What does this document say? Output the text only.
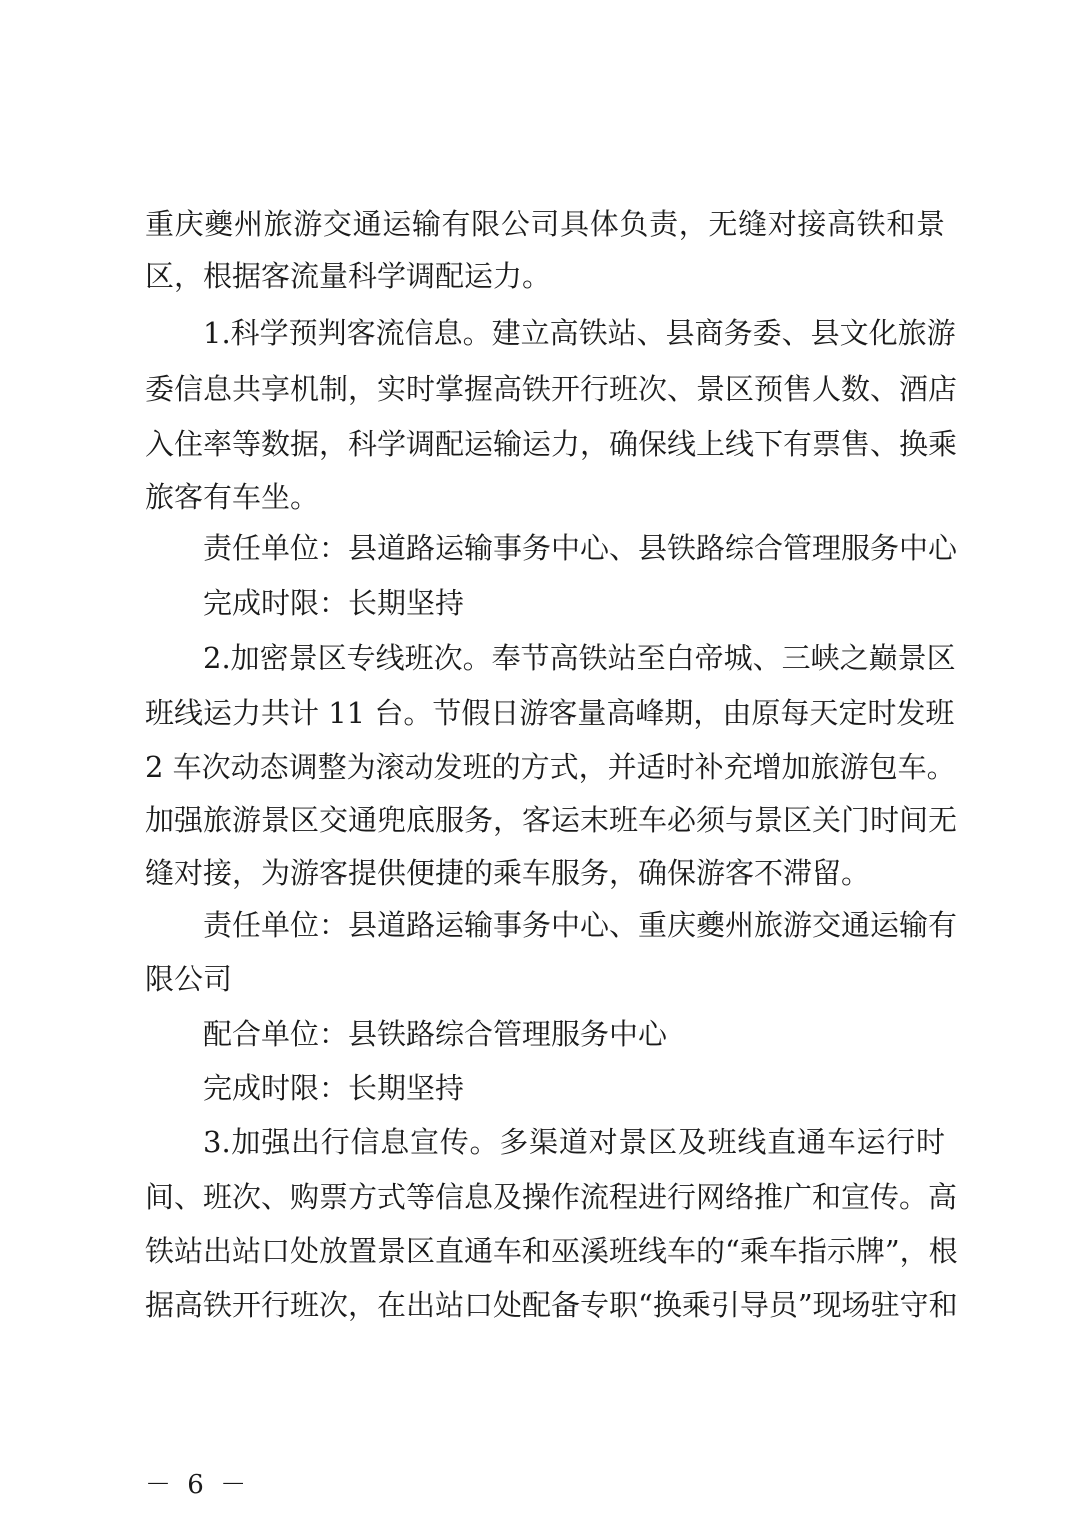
重庆夔州旅游交通运输有限公司具体负责，无缝对接高铁和景
区，根据客流量科学调配运力。
1.科学预判客流信息。建立高铁站、县商务委、县文化旅游
委信息共享机制，实时掌握高铁开行班次、景区预售人数、酒店
入住率等数据，科学调配运输运力，确保线上线下有票售、换乘
旅客有车坐。
责任单位：县道路运输事务中心、县铁路综合管理服务中心
完成时限：长期坚持
2.加密景区专线班次。奉节高铁站至白帝城、三峡之巅景区
班线运力共计 11 台。节假日游客量高峰期，由原每天定时发班
2 车次动态调整为滚动发班的方式，并适时补充增加旅游包车。
加强旅游景区交通兜底服务，客运末班车必须与景区关门时间无
缝对接，为游客提供便捷的乘车服务，确保游客不滞留。
责任单位：县道路运输事务中心、重庆夔州旅游交通运输有
限公司
配合单位：县铁路综合管理服务中心
完成时限：长期坚持
3.加强出行信息宣传。多渠道对景区及班线直通车运行时
间、班次、购票方式等信息及操作流程进行网络推广和宣传。高
铁站出站口处放置景区直通车和巫溪班线车的“乘车指示牌”，根
据高铁开行班次，在出站口处配备专职“换乘引导员”现场驻守和
－ 6 －
